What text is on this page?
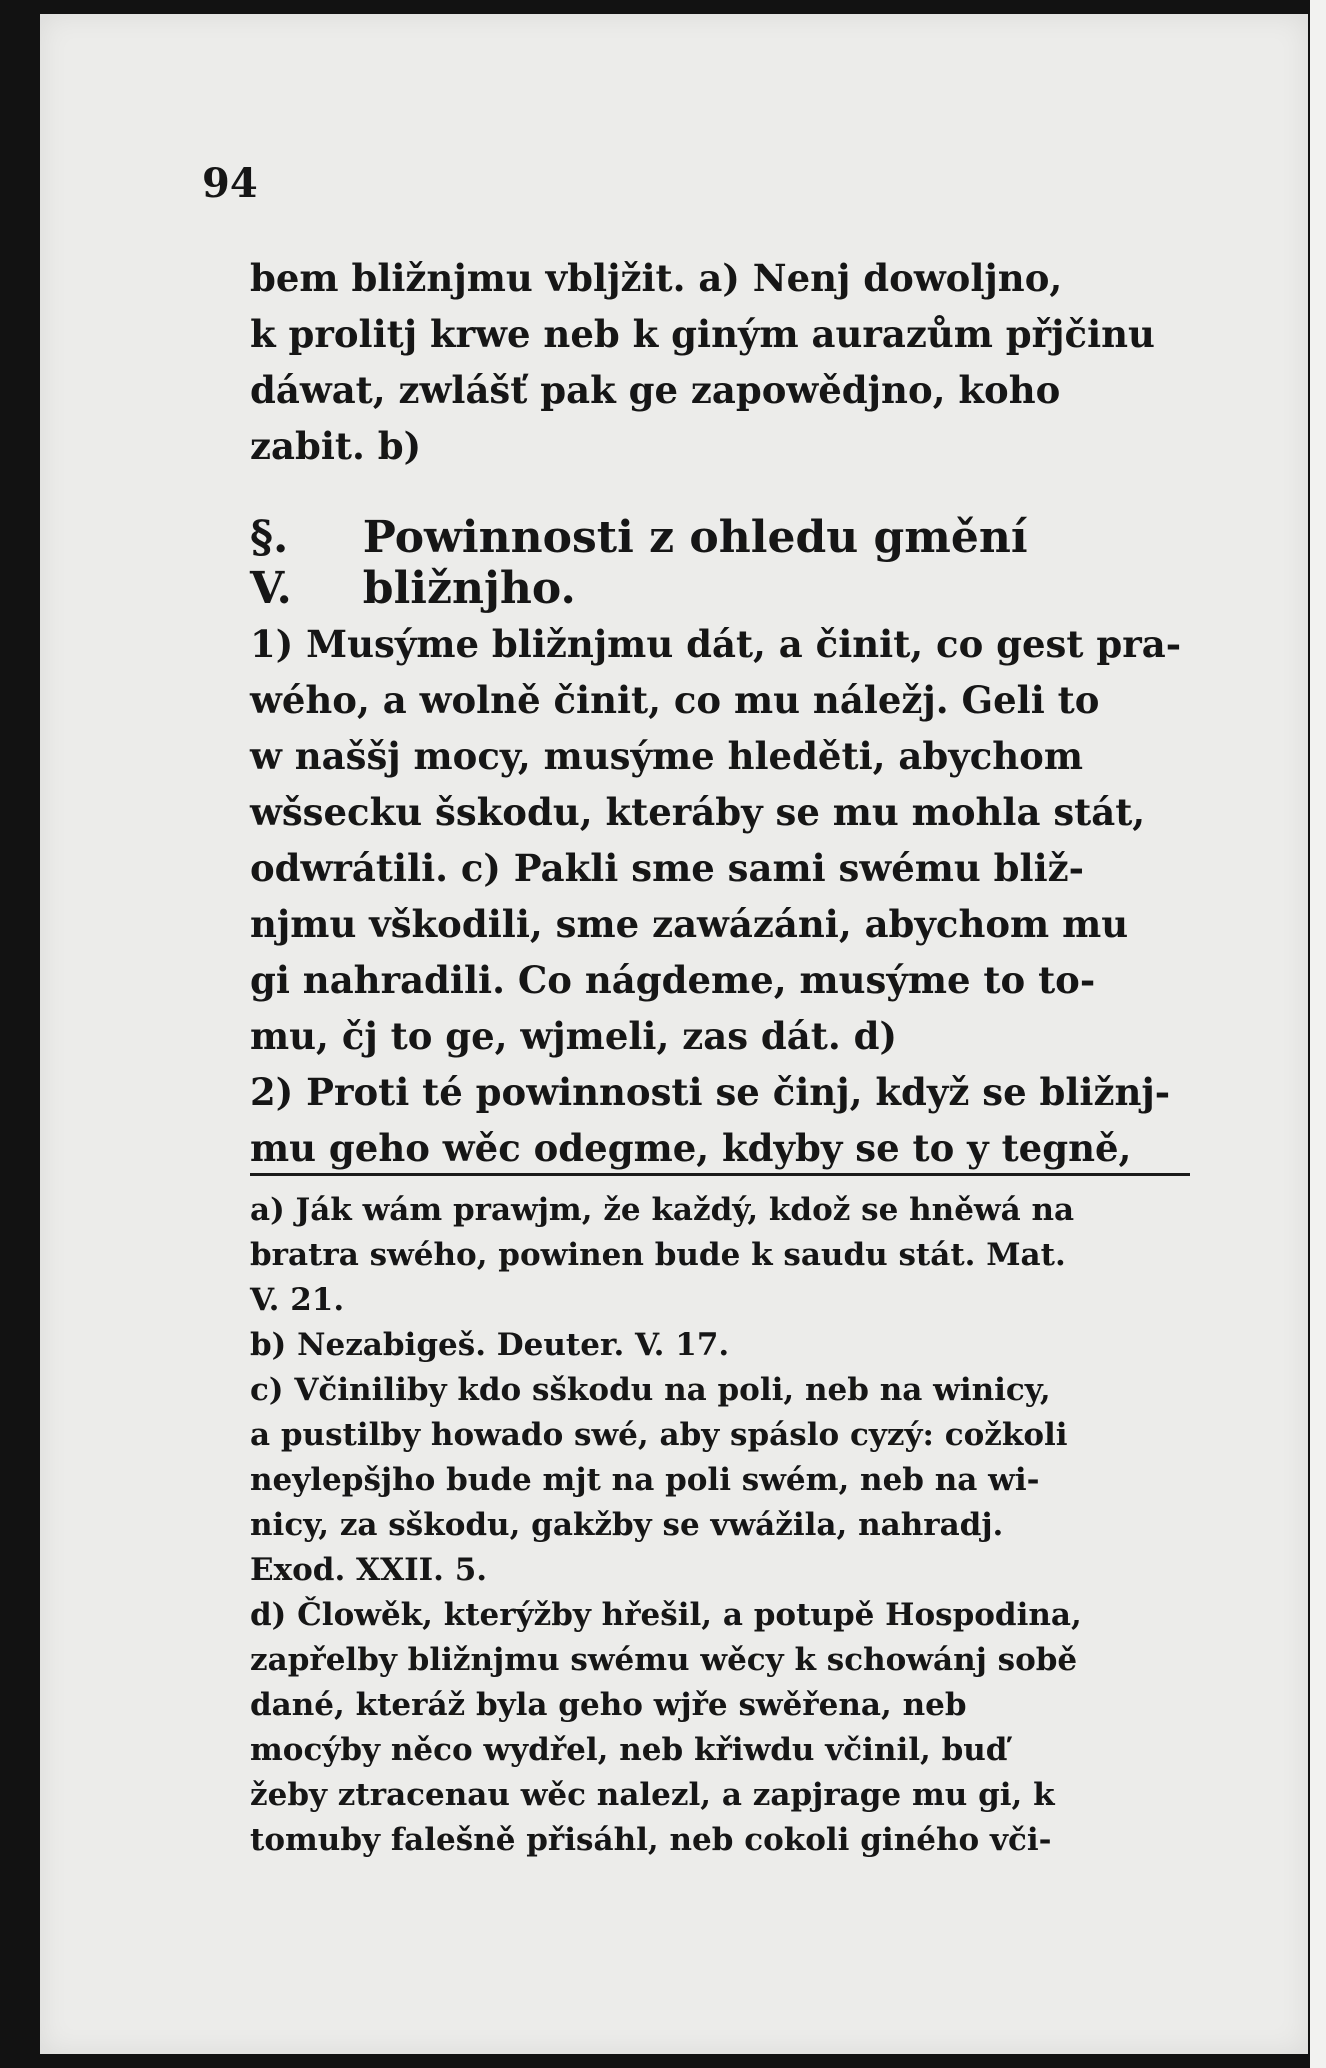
94

bem bližnjmu vbljžit. a) Nenj dowoljno,
k prolitj krwe neb k giným aurazům přjčinu
dáwat, zwlášť pak ge zapowědjno, koho
zabit. b)
§. V.
Powinnosti z ohledu gmění bližnjho.
1) Musýme bližnjmu dát, a činit, co gest pra-
wého, a wolně činit, co mu náležj. Geli to
w naššj mocy, musýme hleděti, abychom
wšsecku šskodu, kteráby se mu mohla stát,
odwrátili. c) Pakli sme sami swému bliž-
njmu vškodili, sme zawázáni, abychom mu
gi nahradili. Co nágdeme, musýme to to-
mu, čj to ge, wjmeli, zas dát. d)
2) Proti té powinnosti se činj, když se bližnj-
mu geho wěc odegme, kdyby se to y tegně,
a) Ják wám prawjm, že každý, kdož se hněwá na
bratra swého, powinen bude k saudu stát. Mat.
V. 21.
b) Nezabigeš. Deuter. V. 17.
c) Včiniliby kdo sškodu na poli, neb na winicy,
a pustilby howado swé, aby spáslo cyzý: cožkoli
neylepšjho bude mjt na poli swém, neb na wi-
nicy, za sškodu, gakžby se vwážila, nahradj.
Exod. XXII. 5.
d) Člowěk, kterýžby hřešil, a potupě Hospodina,
zapřelby bližnjmu swému wěcy k schowánj sobě
dané, kteráž byla geho wjře swěřena, neb
mocýby něco wydřel, neb křiwdu včinil, buď
žeby ztracenau wěc nalezl, a zapjrage mu gi, k
tomuby falešně přisáhl, neb cokoli giného vči-
